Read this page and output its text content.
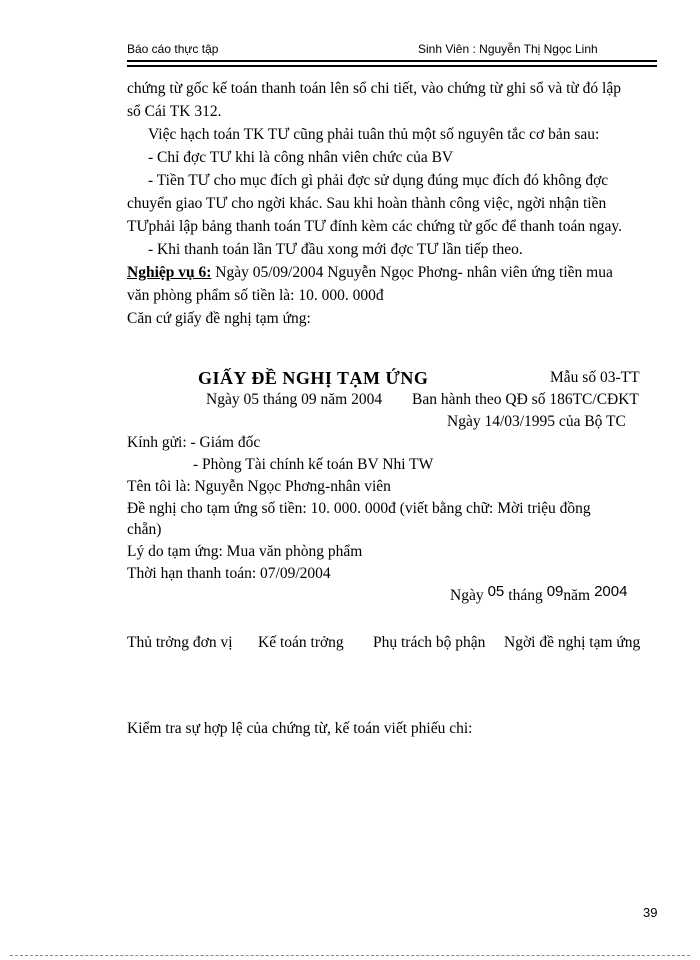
Báo cáo thực tập	Sinh Viên : Nguyễn Thị Ngọc Linh
chứng từ gốc kế toán thanh toán lên sổ chi tiết, vào chứng từ ghi sổ và từ đó lập
sổ Cái TK 312.
Việc hạch toán TK TƯ cũng phải tuân thủ một số nguyên tắc cơ bản sau:
- Chỉ đợc TƯ khi là công nhân viên chức của BV
- Tiền TƯ cho mục đích gì phải đợc sử dụng đúng mục đích đó không đợc
chuyển giao TƯ cho ngời khác. Sau khi hoàn thành công việc, ngời nhận tiền
TƯphải lập bảng thanh toán TƯ đính kèm các chứng từ gốc để thanh toán ngay.
- Khi thanh toán lần TƯ đầu xong mới đợc TƯ lần tiếp theo.
Nghiệp vụ 6: Ngày 05/09/2004 Nguyễn Ngọc Phơng- nhân viên ứng tiền mua
văn phòng phẩm số tiền là: 10. 000. 000đ
Căn cứ giấy đề nghị tạm ứng:
GIẤY ĐỀ NGHỊ TẠM ỨNG	Mẫu số 03-TT
Ngày 05 tháng 09 năm 2004 Ban hành theo QĐ số 186TC/CĐKT
Ngày 14/03/1995 của Bộ TC
Kính gửi: - Giám đốc
- Phòng Tài chính kế toán BV Nhi TW
Tên tôi là: Nguyễn Ngọc Phơng-nhân viên
Đề nghị cho tạm ứng số tiền: 10. 000. 000đ (viết bằng chữ: Mời triệu đồng
chẵn)
Lý do tạm ứng: Mua văn phòng phẩm
Thời hạn thanh toán: 07/09/2004
Ngày 05 tháng 09năm 2004
Thủ trởng đơn vị Kế toán trởng Phụ trách bộ phận Ngời đề nghị tạm ứng
Kiểm tra sự hợp lệ của chứng từ, kế toán viết phiếu chi:
39
